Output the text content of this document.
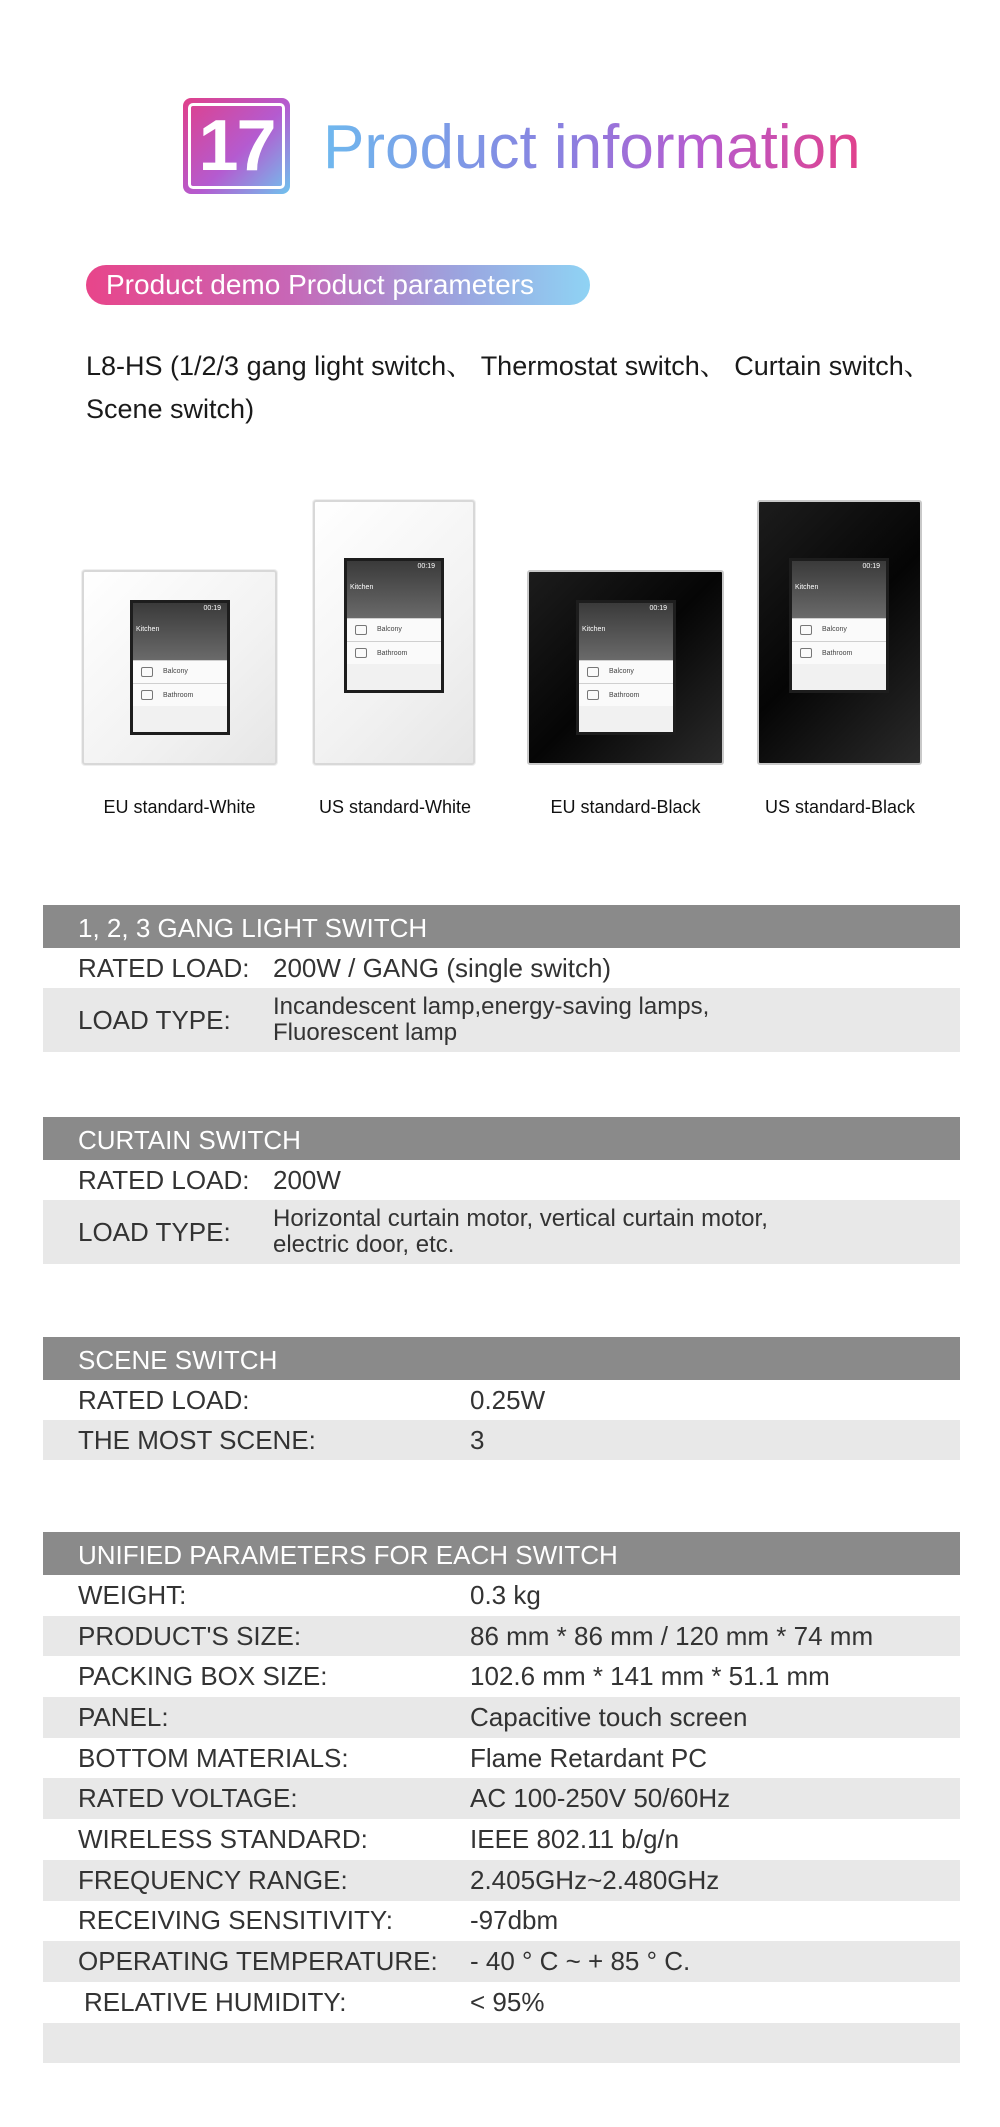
17 Product information
Product demo Product parameters
L8-HS (1/2/3 gang light switch、 Thermostat switch、 Curtain switch、 Scene switch)
00:19

Kitchen
Balcony
Bathroom
EU standard-White
00:19

Kitchen
Balcony
Bathroom
US standard-White
00:19

Kitchen
Balcony
Bathroom
EU standard-Black
00:19

Kitchen
Balcony
Bathroom
US standard-Black
1, 2, 3 GANG LIGHT SWITCH
RATED LOAD: 200W / GANG (single switch)
LOAD TYPE:	Incandescent lamp,energy-saving lamps,
Fluorescent lamp
CURTAIN SWITCH
RATED LOAD: 200W
LOAD TYPE:	Horizontal curtain motor, vertical curtain motor,
electric door, etc.
SCENE SWITCH
RATED LOAD:	0.25W
THE MOST SCENE:	3
UNIFIED PARAMETERS FOR EACH SWITCH
WEIGHT:	0.3 kg
PRODUCT'S SIZE:	86 mm * 86 mm / 120 mm * 74 mm
PACKING BOX SIZE:	102.6 mm * 141 mm * 51.1 mm
PANEL:	Capacitive touch screen
BOTTOM MATERIALS:	Flame Retardant PC
RATED VOLTAGE:	AC 100-250V 50/60Hz
WIRELESS STANDARD:	IEEE 802.11 b/g/n
FREQUENCY RANGE:	2.405GHz~2.480GHz
RECEIVING SENSITIVITY:	-97dbm
OPERATING TEMPERATURE:	- 40 ° C ~ + 85 ° C.
RELATIVE HUMIDITY:	< 95%
